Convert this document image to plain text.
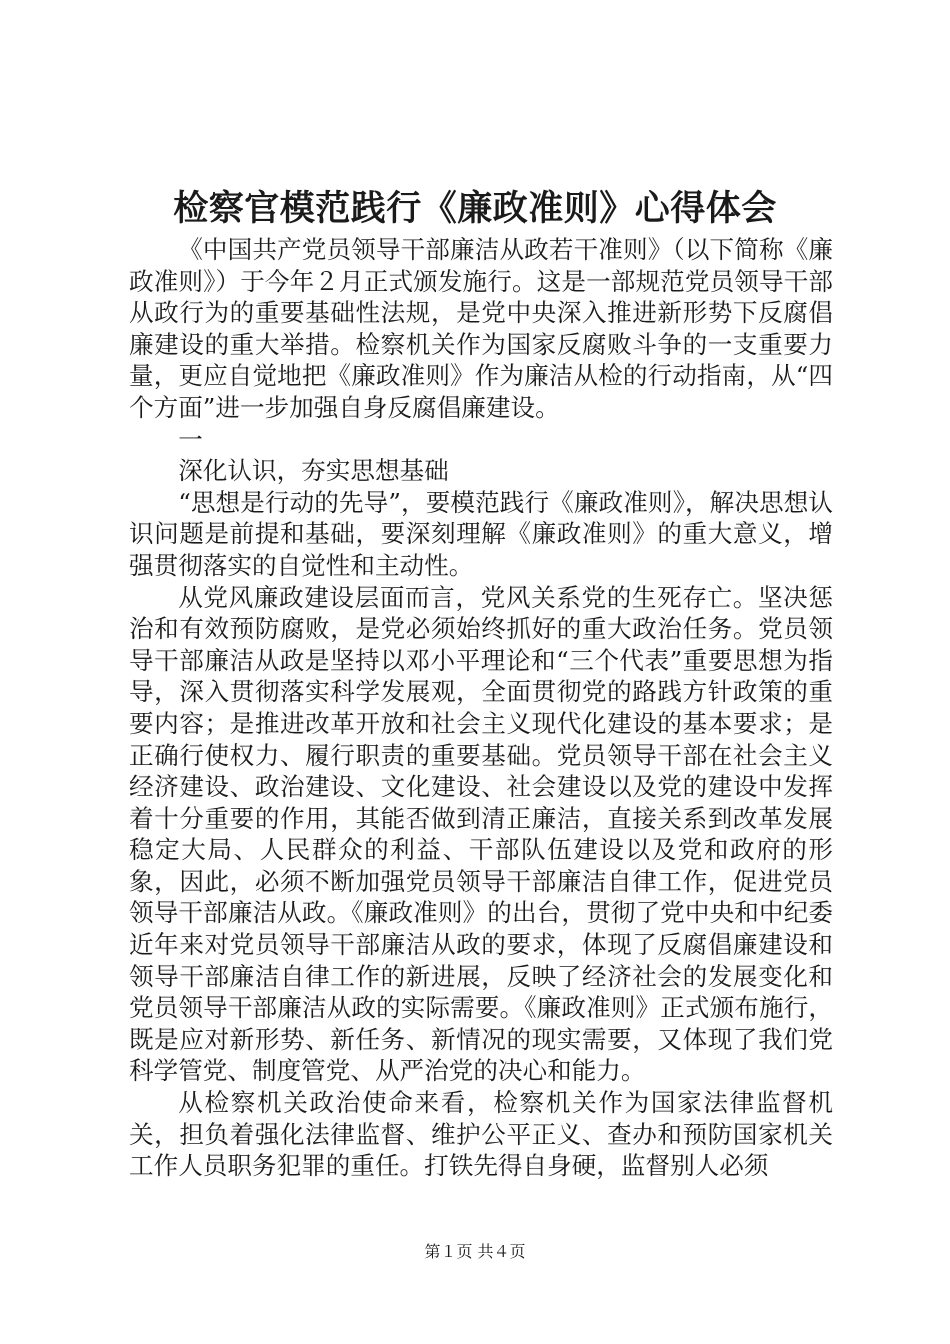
检察官模范践行《廉政准则》心得体会

《中国共产党员领导干部廉洁从政若干准则》（以下简称《廉政准则》）于今年２月正式颁发施行。这是一部规范党员领导干部从政行为的重要基础性法规，是党中央深入推进新形势下反腐倡廉建设的重大举措。检察机关作为国家反腐败斗争的一支重要力量，更应自觉地把《廉政准则》作为廉洁从检的行动指南，从“四个方面”进一步加强自身反腐倡廉建设。

一

深化认识，夯实思想基础

“思想是行动的先导”，要模范践行《廉政准则》，解决思想认识问题是前提和基础，要深刻理解《廉政准则》的重大意义，增强贯彻落实的自觉性和主动性。

从党风廉政建设层面而言，党风关系党的生死存亡。坚决惩治和有效预防腐败，是党必须始终抓好的重大政治任务。党员领导干部廉洁从政是坚持以邓小平理论和“三个代表”重要思想为指导，深入贯彻落实科学发展观，全面贯彻党的路践方针政策的重要内容；是推进改革开放和社会主义现代化建设的基本要求；是正确行使权力、履行职责的重要基础。党员领导干部在社会主义经济建设、政治建设、文化建设、社会建设以及党的建设中发挥着十分重要的作用，其能否做到清正廉洁，直接关系到改革发展稳定大局、人民群众的利益、干部队伍建设以及党和政府的形象，因此，必须不断加强党员领导干部廉洁自律工作，促进党员领导干部廉洁从政。《廉政准则》的出台，贯彻了党中央和中纪委近年来对党员领导干部廉洁从政的要求，体现了反腐倡廉建设和领导干部廉洁自律工作的新进展，反映了经济社会的发展变化和党员领导干部廉洁从政的实际需要。《廉政准则》正式颁布施行，既是应对新形势、新任务、新情况的现实需要，又体现了我们党科学管党、制度管党、从严治党的决心和能力。

从检察机关政治使命来看，检察机关作为国家法律监督机关，担负着强化法律监督、维护公平正义、查办和预防国家机关工作人员职务犯罪的重任。打铁先得自身硬，监督别人必须

第１页 共４页
